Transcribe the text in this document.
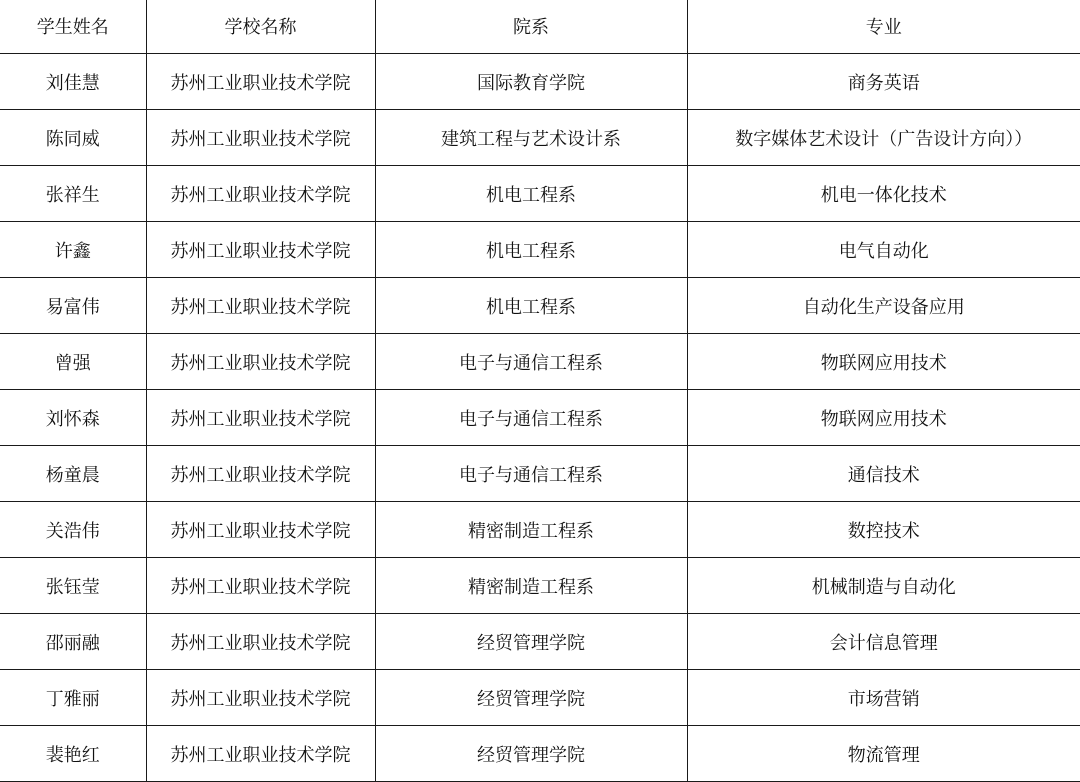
学生姓名	学校名称	院系	专业
刘佳慧	苏州工业职业技术学院	国际教育学院	商务英语
陈同威	苏州工业职业技术学院	建筑工程与艺术设计系	数字媒体艺术设计（广告设计方向））
张祥生	苏州工业职业技术学院	机电工程系	机电一体化技术
许鑫	苏州工业职业技术学院	机电工程系	电气自动化
易富伟	苏州工业职业技术学院	机电工程系	自动化生产设备应用
曾强	苏州工业职业技术学院	电子与通信工程系	物联网应用技术
刘怀森	苏州工业职业技术学院	电子与通信工程系	物联网应用技术
杨童晨	苏州工业职业技术学院	电子与通信工程系	通信技术
关浩伟	苏州工业职业技术学院	精密制造工程系	数控技术
张钰莹	苏州工业职业技术学院	精密制造工程系	机械制造与自动化
邵丽融	苏州工业职业技术学院	经贸管理学院	会计信息管理
丁雅丽	苏州工业职业技术学院	经贸管理学院	市场营销
裴艳红	苏州工业职业技术学院	经贸管理学院	物流管理
